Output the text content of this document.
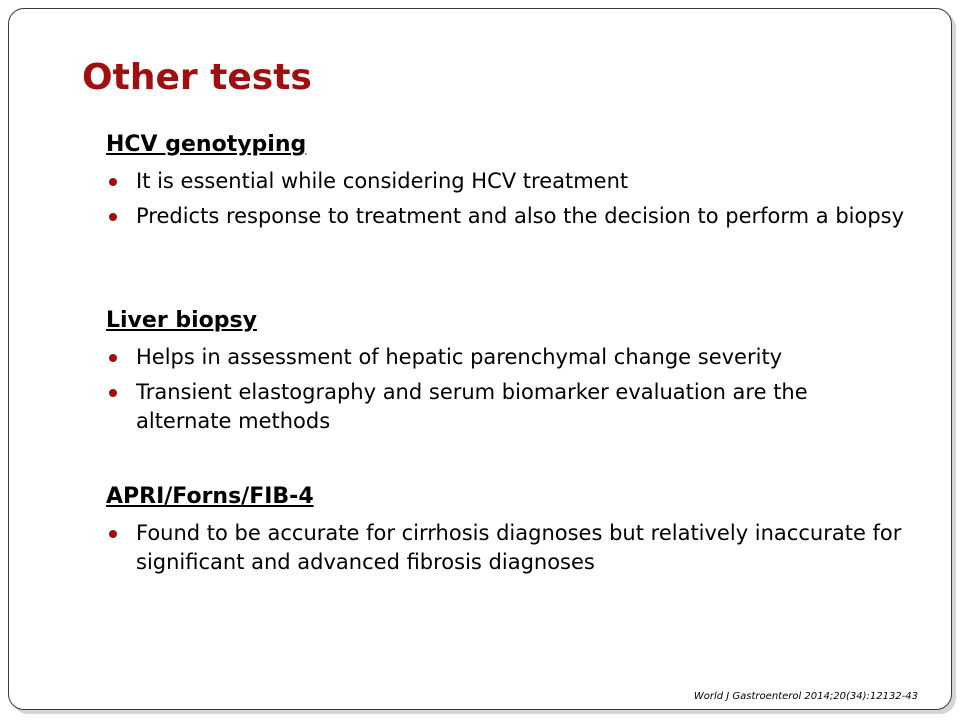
Other tests
HCV genotyping
It is essential while considering HCV treatment
Predicts response to treatment and also the decision to perform a biopsy
Liver biopsy
Helps in assessment of hepatic parenchymal change severity
Transient elastography and serum biomarker evaluation are the alternate methods
APRI/Forns/FIB-4
Found to be accurate for cirrhosis diagnoses but relatively inaccurate for significant and advanced fibrosis diagnoses
World J Gastroenterol 2014;20(34):12132-43
